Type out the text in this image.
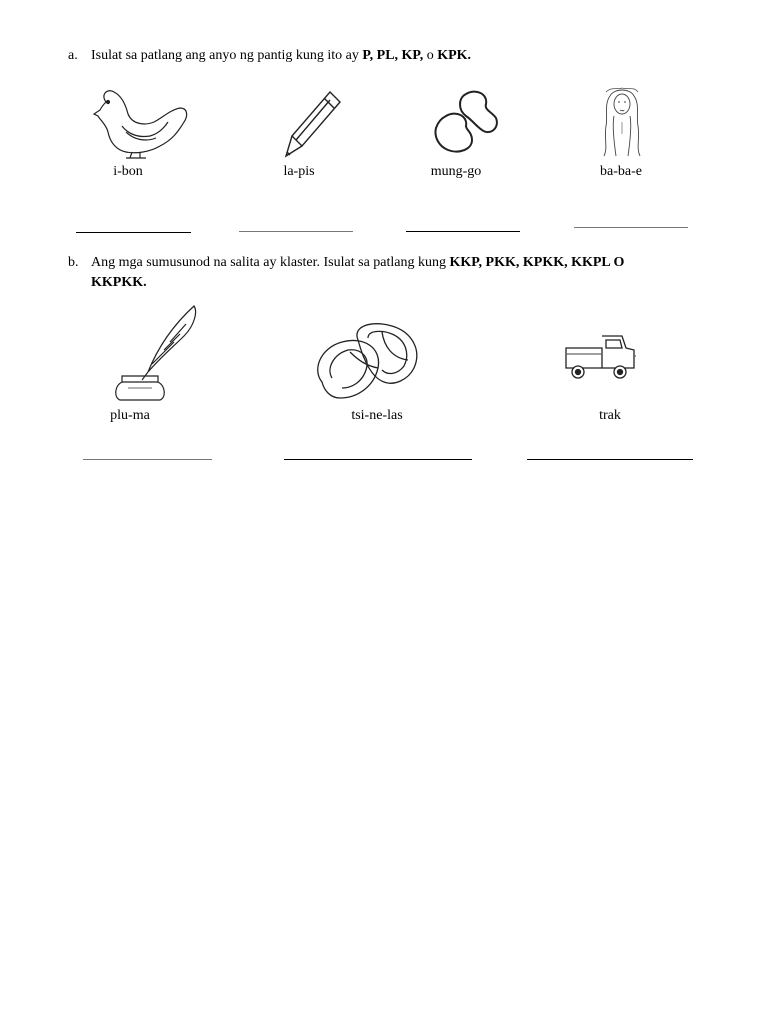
a. Isulat sa patlang ang anyo ng pantig kung ito ay P, PL, KP, o KPK.
i-bon	la-pis	mung-go	ba-ba-e
b. Ang mga sumusunod na salita ay klaster. Isulat sa patlang kung KKP, PKK, KPKK, KKPL O
KKPKK.
plu-ma	tsi-ne-las	trak
